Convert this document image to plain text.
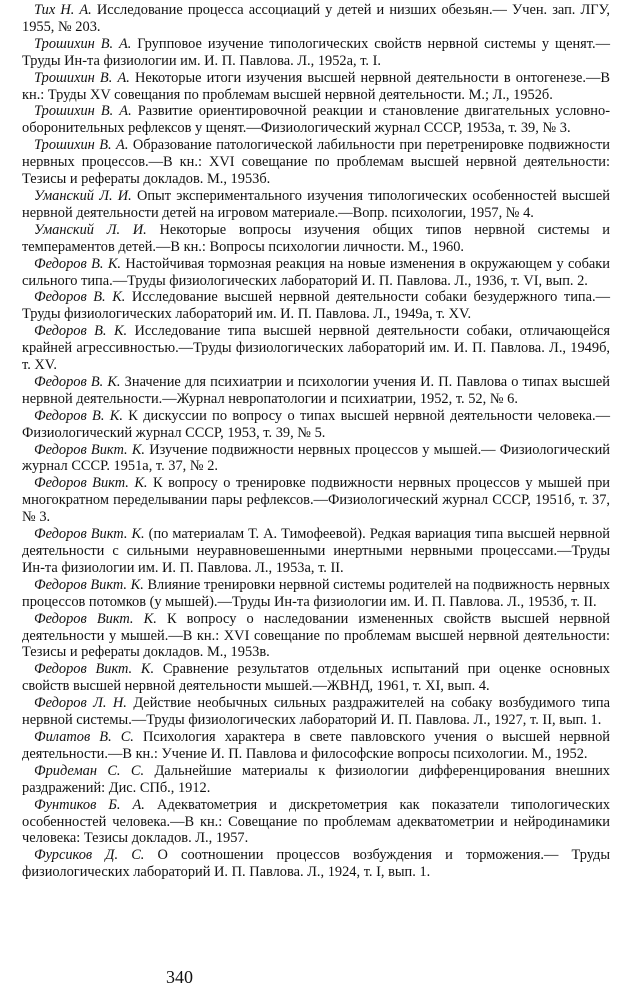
Тих Н. А. Исследование процесса ассоциаций у детей и низших обезьян.— Учен. зап. ЛГУ, 1955, № 203.

Трошихин В. А. Групповое изучение типологических свойств нервной системы у щенят.—Труды Ин-та физиологии им. И. П. Павлова. Л., 1952а, т. I.

Трошихин В. А. Некоторые итоги изучения высшей нервной деятельности в онтогенезе.—В кн.: Труды XV совещания по проблемам высшей нервной деятельности. М.; Л., 1952б.

Трошихин В. А. Развитие ориентировочной реакции и становление двигательных условно-оборонительных рефлексов у щенят.—Физиологический журнал СССР, 1953а, т. 39, № 3.

Трошихин В. А. Образование патологической лабильности при перетренировке подвижности нервных процессов.—В кн.: XVI совещание по проблемам высшей нервной деятельности: Тезисы и рефераты докладов. М., 1953б.

Уманский Л. И. Опыт экспериментального изучения типологических особенностей высшей нервной деятельности детей на игровом материале.—Вопр. психологии, 1957, № 4.

Уманский Л. И. Некоторые вопросы изучения общих типов нервной системы и темпераментов детей.—В кн.: Вопросы психологии личности. М., 1960.

Федоров В. К. Настойчивая тормозная реакция на новые изменения в окружающем у собаки сильного типа.—Труды физиологических лабораторий И. П. Павлова. Л., 1936, т. VI, вып. 2.

Федоров В. К. Исследование высшей нервной деятельности собаки безудержного типа.—Труды физиологических лабораторий им. И. П. Павлова. Л., 1949а, т. XV.

Федоров В. К. Исследование типа высшей нервной деятельности собаки, отличающейся крайней агрессивностью.—Труды физиологических лабораторий им. И. П. Павлова. Л., 1949б, т. XV.

Федоров В. К. Значение для психиатрии и психологии учения И. П. Павлова о типах высшей нервной деятельности.—Журнал невропатологии и психиатрии, 1952, т. 52, № 6.

Федоров В. К. К дискуссии по вопросу о типах высшей нервной деятельности человека.—Физиологический журнал СССР, 1953, т. 39, № 5.

Федоров Викт. К. Изучение подвижности нервных процессов у мышей.— Физиологический журнал СССР. 1951а, т. 37, № 2.

Федоров Викт. К. К вопросу о тренировке подвижности нервных процессов у мышей при многократном переделывании пары рефлексов.—Физиологический журнал СССР, 1951б, т. 37, № 3.

Федоров Викт. К. (по материалам Т. А. Тимофеевой). Редкая вариация типа высшей нервной деятельности с сильными неуравновешенными инертными нервными процессами.—Труды Ин-та физиологии им. И. П. Павлова. Л., 1953а, т. II.

Федоров Викт. К. Влияние тренировки нервной системы родителей на подвижность нервных процессов потомков (у мышей).—Труды Ин-та физиологии им. И. П. Павлова. Л., 1953б, т. II.

Федоров Викт. К. К вопросу о наследовании измененных свойств высшей нервной деятельности у мышей.—В кн.: XVI совещание по проблемам высшей нервной деятельности: Тезисы и рефераты докладов. М., 1953в.

Федоров Викт. К. Сравнение результатов отдельных испытаний при оценке основных свойств высшей нервной деятельности мышей.—ЖВНД, 1961, т. XI, вып. 4.

Федоров Л. Н. Действие необычных сильных раздражителей на собаку возбудимого типа нервной системы.—Труды физиологических лабораторий И. П. Павлова. Л., 1927, т. II, вып. 1.

Филатов В. С. Психология характера в свете павловского учения о высшей нервной деятельности.—В кн.: Учение И. П. Павлова и философские вопросы психологии. М., 1952.

Фридеман С. С. Дальнейшие материалы к физиологии дифференцирования внешних раздражений: Дис. СПб., 1912.

Фунтиков Б. А. Адекватометрия и дискретометрия как показатели типологических особенностей человека.—В кн.: Совещание по проблемам адекватометрии и нейродинамики человека: Тезисы докладов. Л., 1957.

Фурсиков Д. С. О соотношении процессов возбуждения и торможения.— Труды физиологических лабораторий И. П. Павлова. Л., 1924, т. I, вып. 1.

340
